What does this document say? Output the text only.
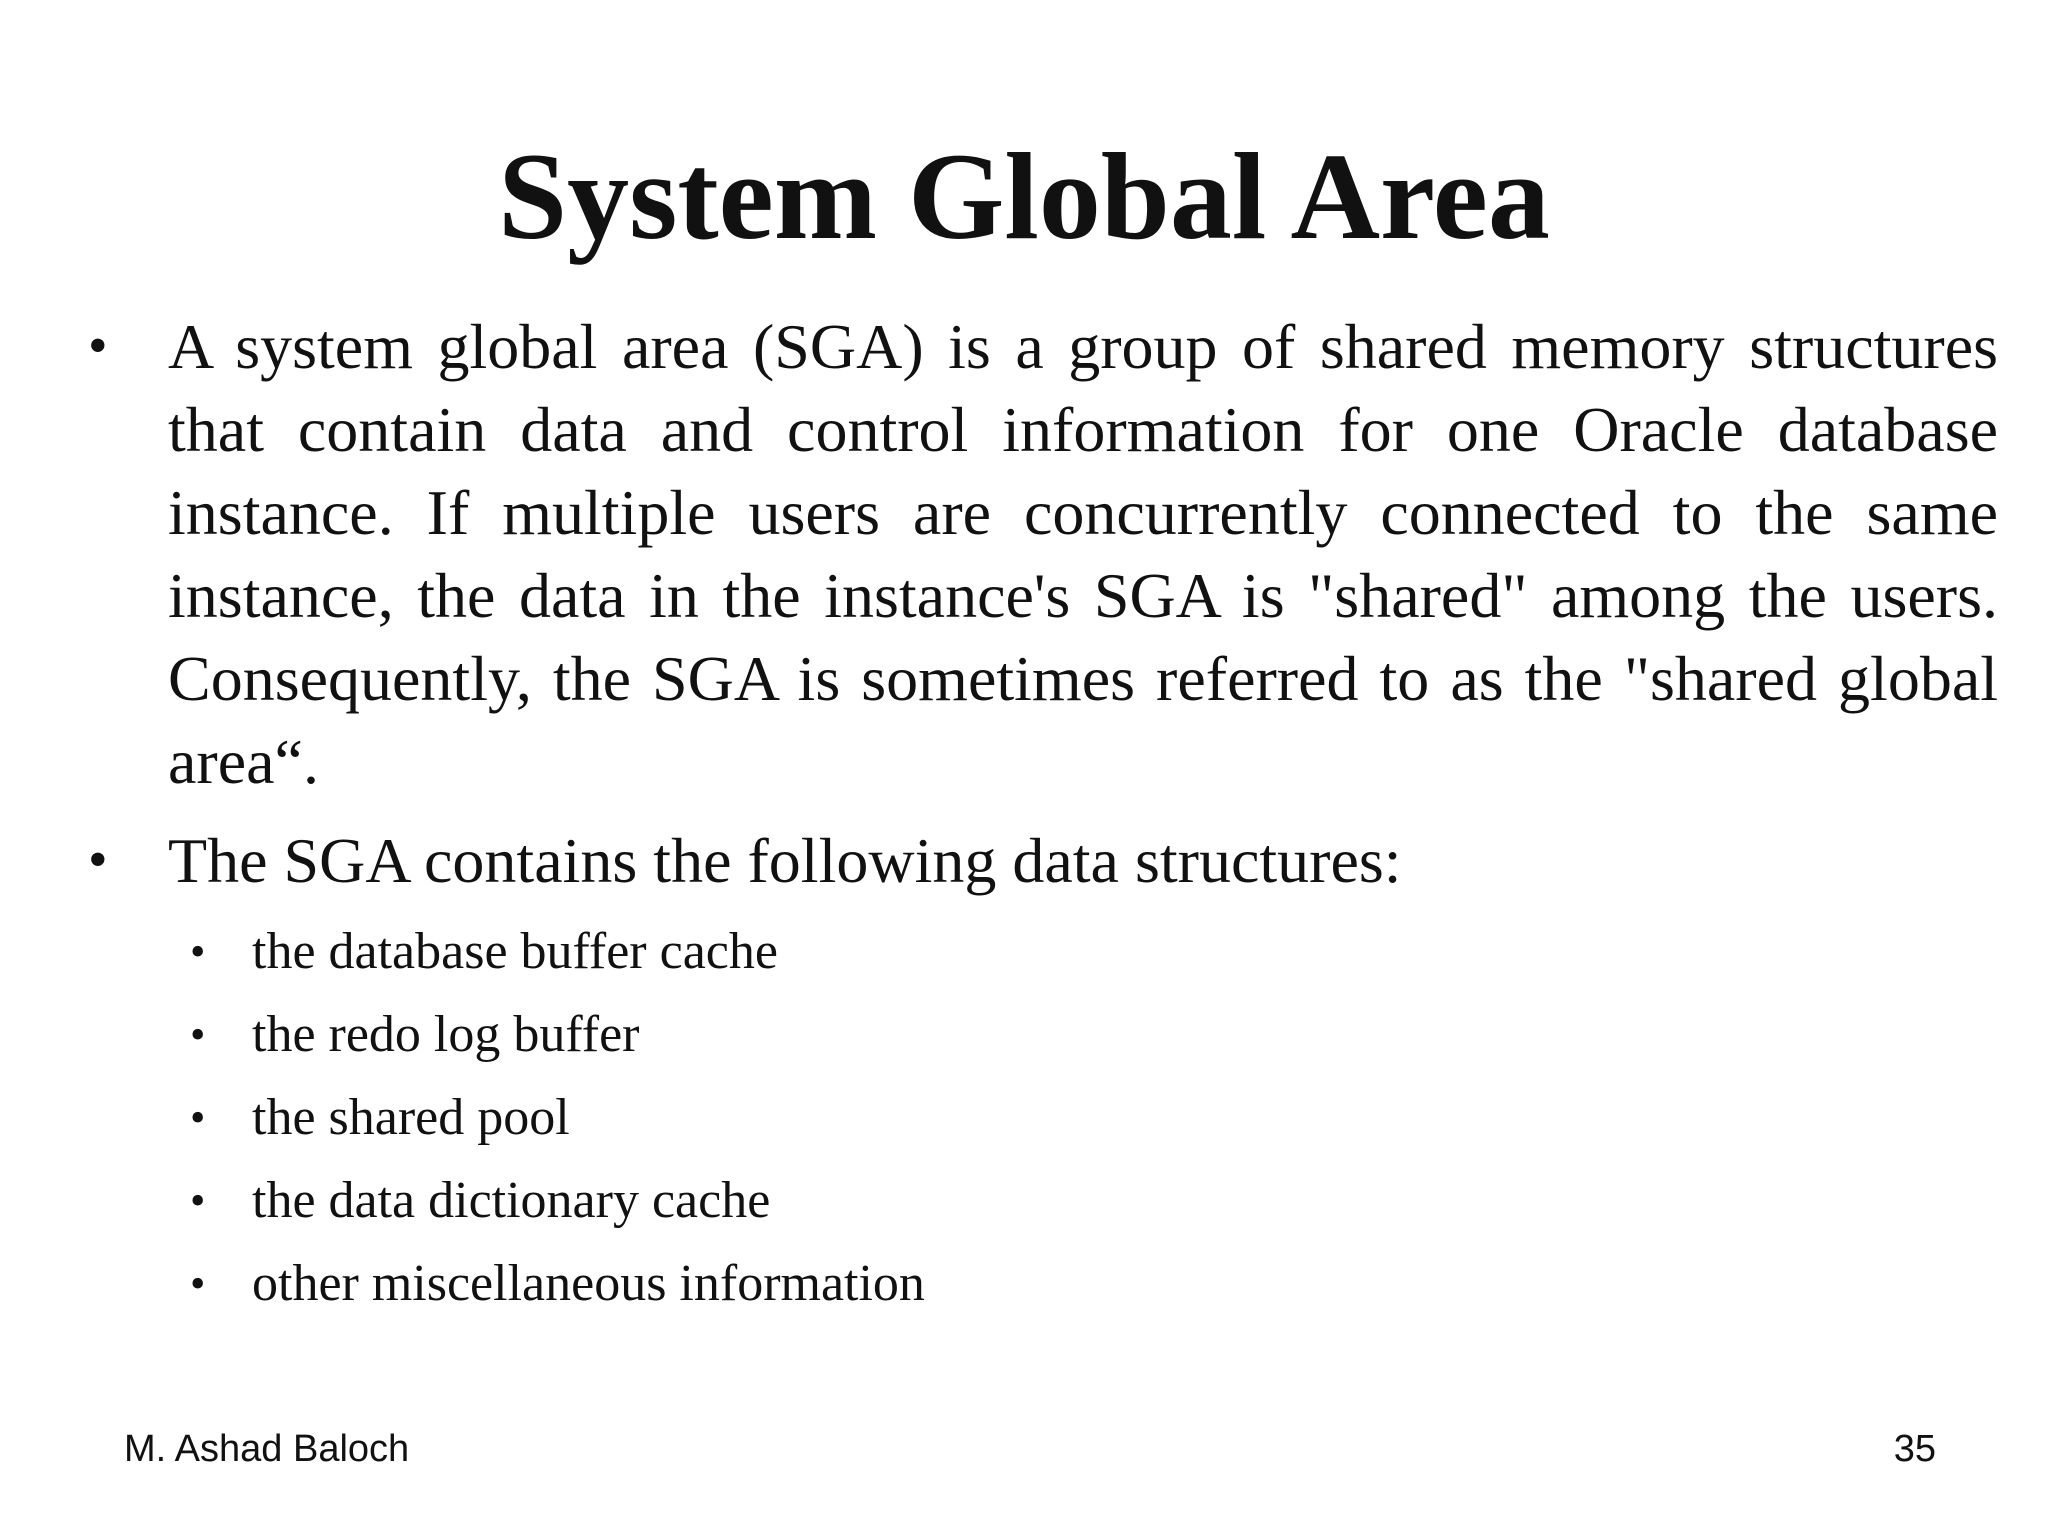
System Global Area
• A system global area (SGA) is a group of shared memory structures that contain data and control information for one Oracle database instance. If multiple users are concurrently connected to the same instance, the data in the instance's SGA is "shared" among the users. Consequently, the SGA is sometimes referred to as the "shared global area“.
• The SGA contains the following data structures:
• the database buffer cache
• the redo log buffer
• the shared pool
• the data dictionary cache
• other miscellaneous information
M. Ashad Baloch	35
